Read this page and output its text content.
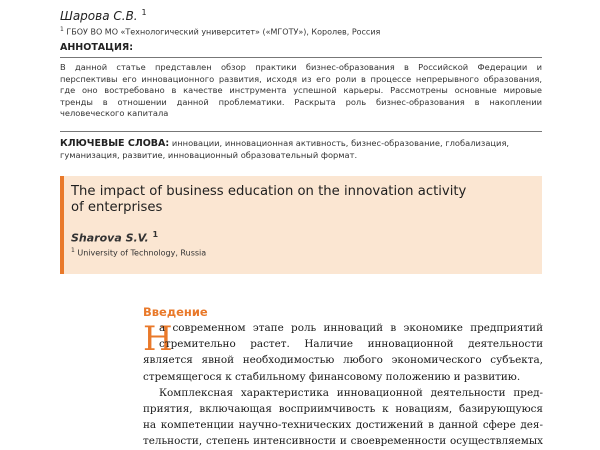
Шарова С.В. $^1$
$^1$ ГБОУ ВО МО «Технологический университет» («МГОТУ»), Королев, Россия
АННОТАЦИЯ:
В данной статье представлен обзор практики бизнес-образования в Российской Федерации и
перспективы его инновационного развития, исходя из его роли в процессе непрерывного образования,
где оно востребовано в качестве инструмента успешной карьеры. Рассмотрены основные мировые
тренды в отношении данной проблематики. Раскрыта роль бизнес-образования в накоплении
человеческого капитала
КЛЮЧЕВЫЕ СЛОВА: инновации, инновационная активность, бизнес-образование, глобализация,
гуманизация, развитие, инновационный образовательный формат.
The impact of business education on the innovation activity
of enterprises
Sharova S.V. $^1$
$^1$ University of Technology, Russia
Введение
Н
а современном этапе роль инноваций в экономике предприятий
стремительно растет. Наличие инновационной деятельности
является явной необходимостью любого экономического субъекта,
стремящегося к стабильному финансовому положению и развитию.
Комплексная характеристика инновационной деятельности пред-
приятия, включающая восприимчивость к новациям, базирующуюся
на компетенции научно-технических достижений в данной сфере дея-
тельности, степень интенсивности и своевременности осуществляемых
